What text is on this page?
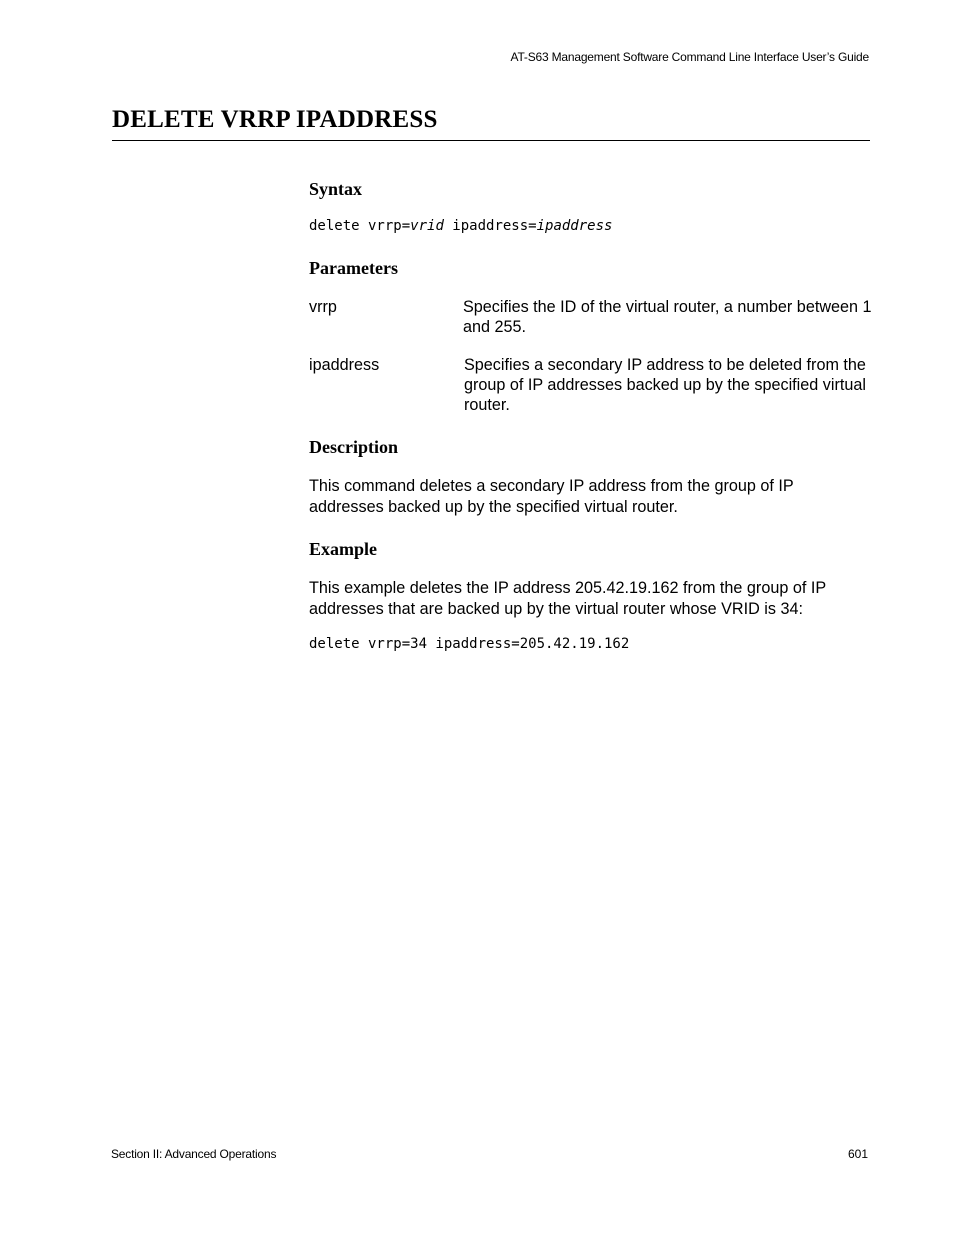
AT-S63 Management Software Command Line Interface User’s Guide
DELETE VRRP IPADDRESS
Syntax
delete vrrp=vrid ipaddress=ipaddress
Parameters
vrrp	Specifies the ID of the virtual router, a number between 1 and 255.
ipaddress	Specifies a secondary IP address to be deleted from the group of IP addresses backed up by the specified virtual router.
Description
This command deletes a secondary IP address from the group of IP addresses backed up by the specified virtual router.
Example
This example deletes the IP address 205.42.19.162 from the group of IP addresses that are backed up by the virtual router whose VRID is 34:
delete vrrp=34 ipaddress=205.42.19.162
Section II: Advanced Operations	601
